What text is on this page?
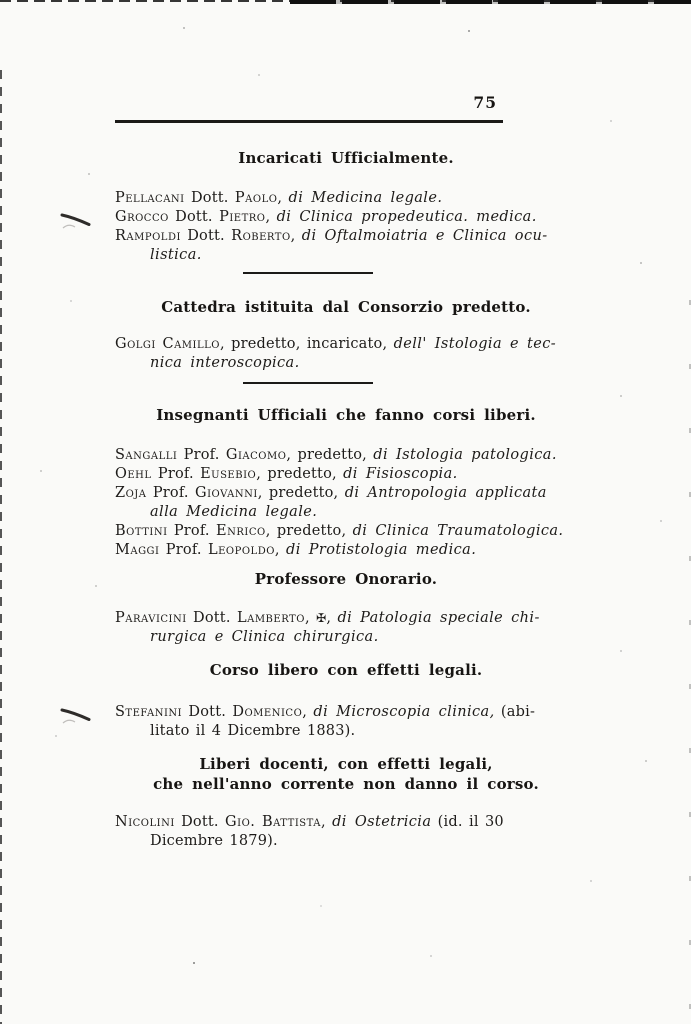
75
Incaricati Ufficialmente.

Pellacani Dott. Paolo, di Medicina legale.

Grocco Dott. Pietro, di Clinica propedeutica. medica.

Rampoldi Dott. Roberto, di Oftalmoiatria e Clinica ocu-
listica.

Cattedra istituita dal Consorzio predetto.

Golgi Camillo, predetto, incaricato, dell' Istologia e tec-
nica interoscopica.

Insegnanti Ufficiali che fanno corsi liberi.

Sangalli Prof. Giacomo, predetto, di Istologia patologica.

Oehl Prof. Eusebio, predetto, di Fisioscopia.

Zoja Prof. Giovanni, predetto, di Antropologia applicata
alla Medicina legale.

Bottini Prof. Enrico, predetto, di Clinica Traumatologica.

Maggi Prof. Leopoldo, di Protistologia medica.

Professore Onorario.

Paravicini Dott. Lamberto, ✠, di Patologia speciale chi-
rurgica e Clinica chirurgica.

Corso libero con effetti legali.

Stefanini Dott. Domenico, di Microscopia clinica, (abi-
litato il 4 Dicembre 1883).

Liberi docenti, con effetti legali,
che nell'anno corrente non danno il corso.

Nicolini Dott. Gio. Battista, di Ostetricia (id. il 30
Dicembre 1879).
